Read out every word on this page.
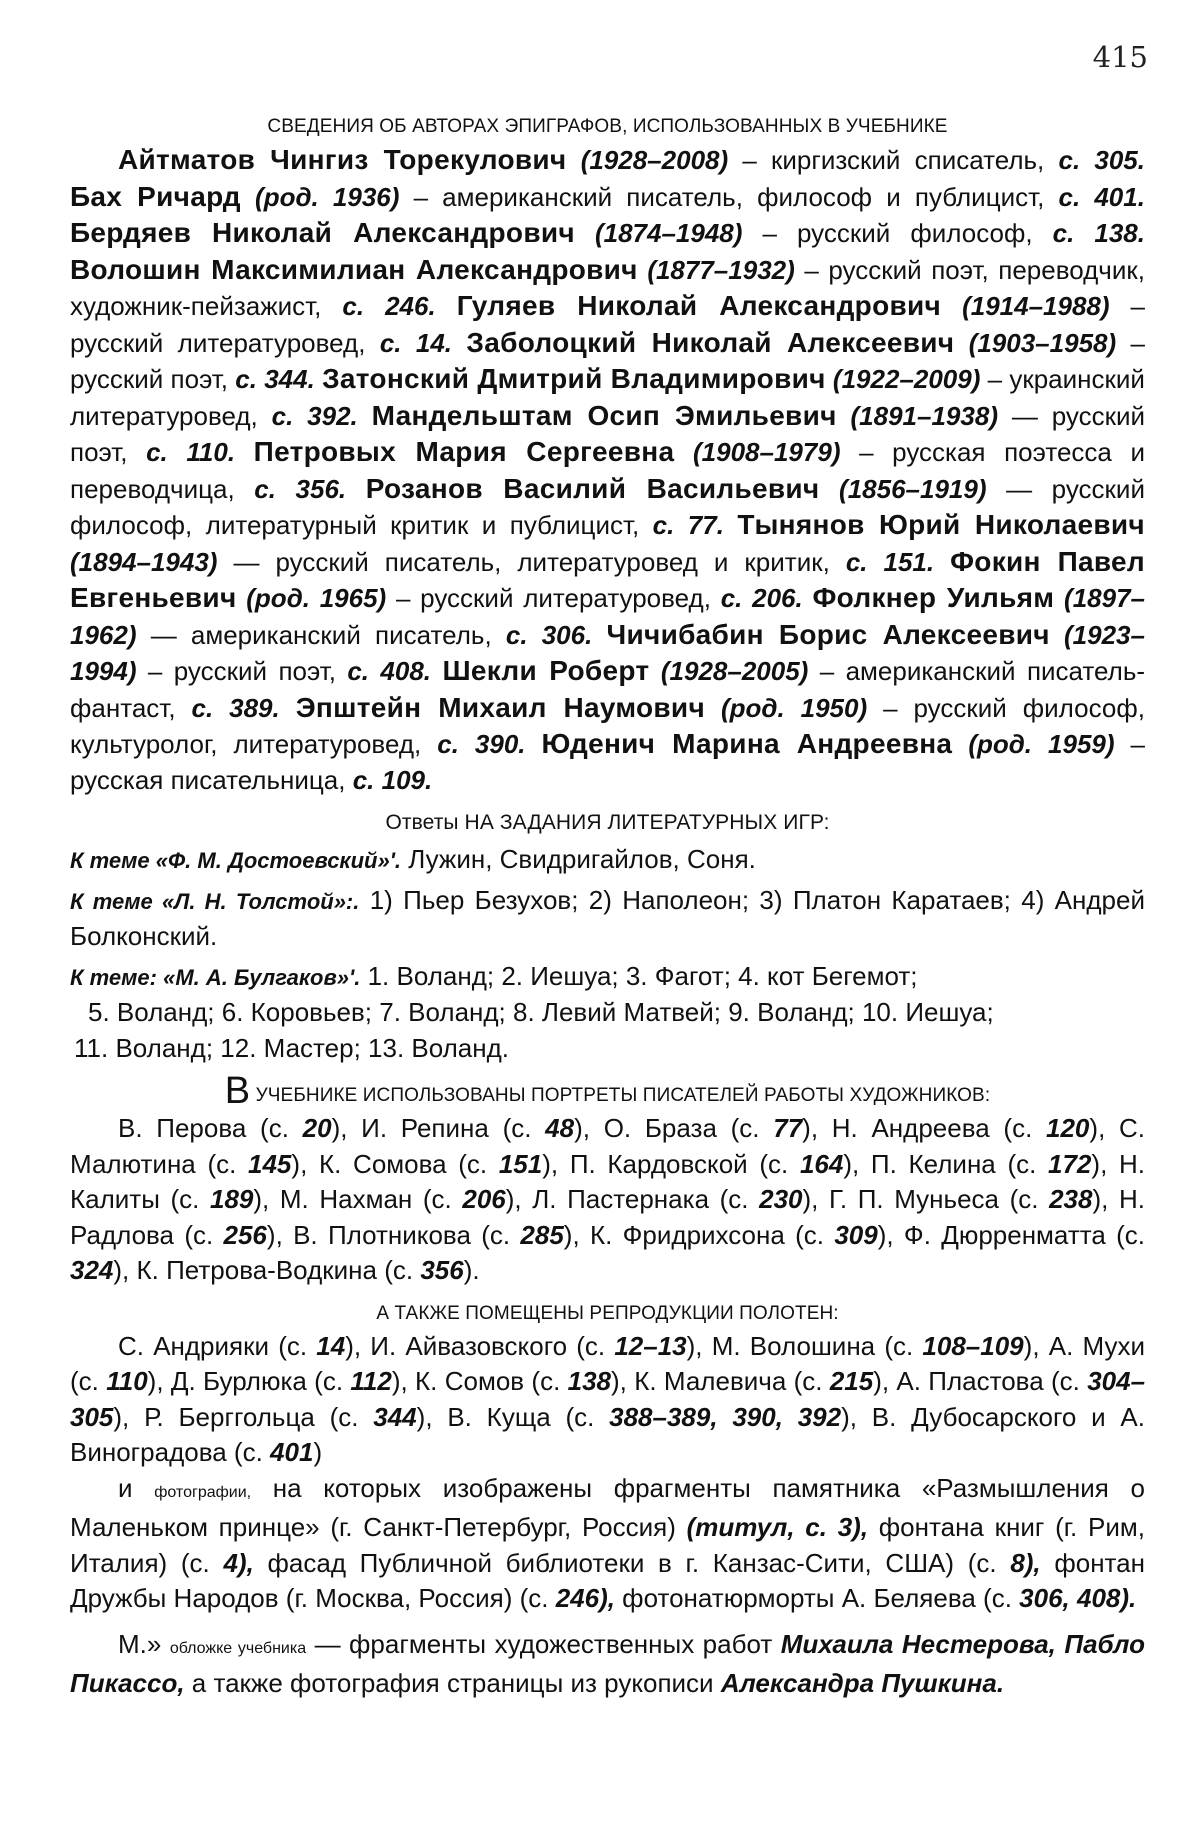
415

СВЕДЕНИЯ ОБ АВТОРАХ ЭПИГРАФОВ, ИСПОЛЬЗОВАННЫХ В УЧЕБНИКЕ

Айтматов Чингиз Торекулович (1928–2008) – киргизский списатель, с. 305. Бах Ричард (род. 1936) – американский писатель, философ и публицист, с. 401. Бердяев Николай Александрович (1874–1948) – русский философ, с. 138. Волошин Максимилиан Александрович (1877–1932) – русский поэт, переводчик, художник-пейзажист, с. 246. Гуляев Николай Александрович (1914–1988) – русский литературовед, с. 14. Заболоцкий Николай Алексеевич (1903–1958) – русский поэт, с. 344. Затонский Дмитрий Владимирович (1922–2009) – украинский литературовед, с. 392. Мандельштам Осип Эмильевич (1891–1938) — русский поэт, с. 110. Петровых Мария Сергеевна (1908–1979) – русская поэтесса и переводчица, с. 356. Розанов Василий Васильевич (1856–1919) — русский философ, литературный критик и публицист, с. 77. Тынянов Юрий Николаевич (1894–1943) — русский писатель, литературовед и критик, с. 151. Фокин Павел Евгеньевич (род. 1965) – русский литературовед, с. 206. Фолкнер Уильям (1897–1962) — американский писатель, с. 306. Чичибабин Борис Алексеевич (1923–1994) – русский поэт, с. 408. Шекли Роберт (1928–2005) – американский писатель-фантаст, с. 389. Эпштейн Михаил Наумович (род. 1950) – русский философ, культуролог, литературовед, с. 390. Юденич Марина Андреевна (род. 1959) – русская писательница, с. 109.

Ответы НА ЗАДАНИЯ ЛИТЕРАТУРНЫХ ИГР:

К теме «Ф. М. Достоевский»'. Лужин, Свидригайлов, Соня.

К теме «Л. Н. Толстой»:. 1) Пьер Безухов; 2) Наполеон; 3) Платон Каратаев; 4) Андрей Болконский.

К теме: «М. А. Булгаков»'. 1. Воланд; 2. Иешуа; 3. Фагот; 4. кот Бегемот;

5. Воланд; 6. Коровьев; 7. Воланд; 8. Левий Матвей; 9. Воланд; 10. Иешуа;

11. Воланд; 12. Мастер; 13. Воланд.

В УЧЕБНИКЕ ИСПОЛЬЗОВАНЫ ПОРТРЕТЫ ПИСАТЕЛЕЙ РАБОТЫ ХУДОЖНИКОВ:

В. Перова (с. 20), И. Репина (с. 48), О. Браза (с. 77), Н. Андреева (с. 120), С. Малютина (с. 145), К. Сомова (с. 151), П. Кардовской (с. 164), П. Келина (с. 172), Н. Калиты (с. 189), М. Нахман (с. 206), Л. Пастернака (с. 230), Г. П. Муньеса (с. 238), Н. Радлова (с. 256), В. Плотникова (с. 285), К. Фридрихсона (с. 309), Ф. Дюрренматта (с. 324), К. Петрова-Водкина (с. 356).

А ТАКЖЕ ПОМЕЩЕНЫ РЕПРОДУКЦИИ ПОЛОТЕН:

С. Андрияки (с. 14), И. Айвазовского (с. 12–13), М. Волошина (с. 108–109), А. Мухи (с. 110), Д. Бурлюка (с. 112), К. Сомов (с. 138), К. Малевича (с. 215), А. Пластова (с. 304–305), Р. Берггольца (с. 344), В. Куща (с. 388–389, 390, 392), В. Дубосарского и А. Виноградова (с. 401)

и фотографии, на которых изображены фрагменты памятника «Размышления о Маленьком принце» (г. Санкт-Петербург, Россия) (титул, с. 3), фонтана книг (г. Рим, Италия) (с. 4), фасад Публичной библиотеки в г. Канзас-Сити, США) (с. 8), фонтан Дружбы Народов (г. Москва, Россия) (с. 246), фотонатюрморты А. Беляева (с. 306, 408).

М.» обложке учебника — фрагменты художественных работ Михаила Нестерова, Пабло Пикассо, а также фотография страницы из рукописи Александра Пушкина.
